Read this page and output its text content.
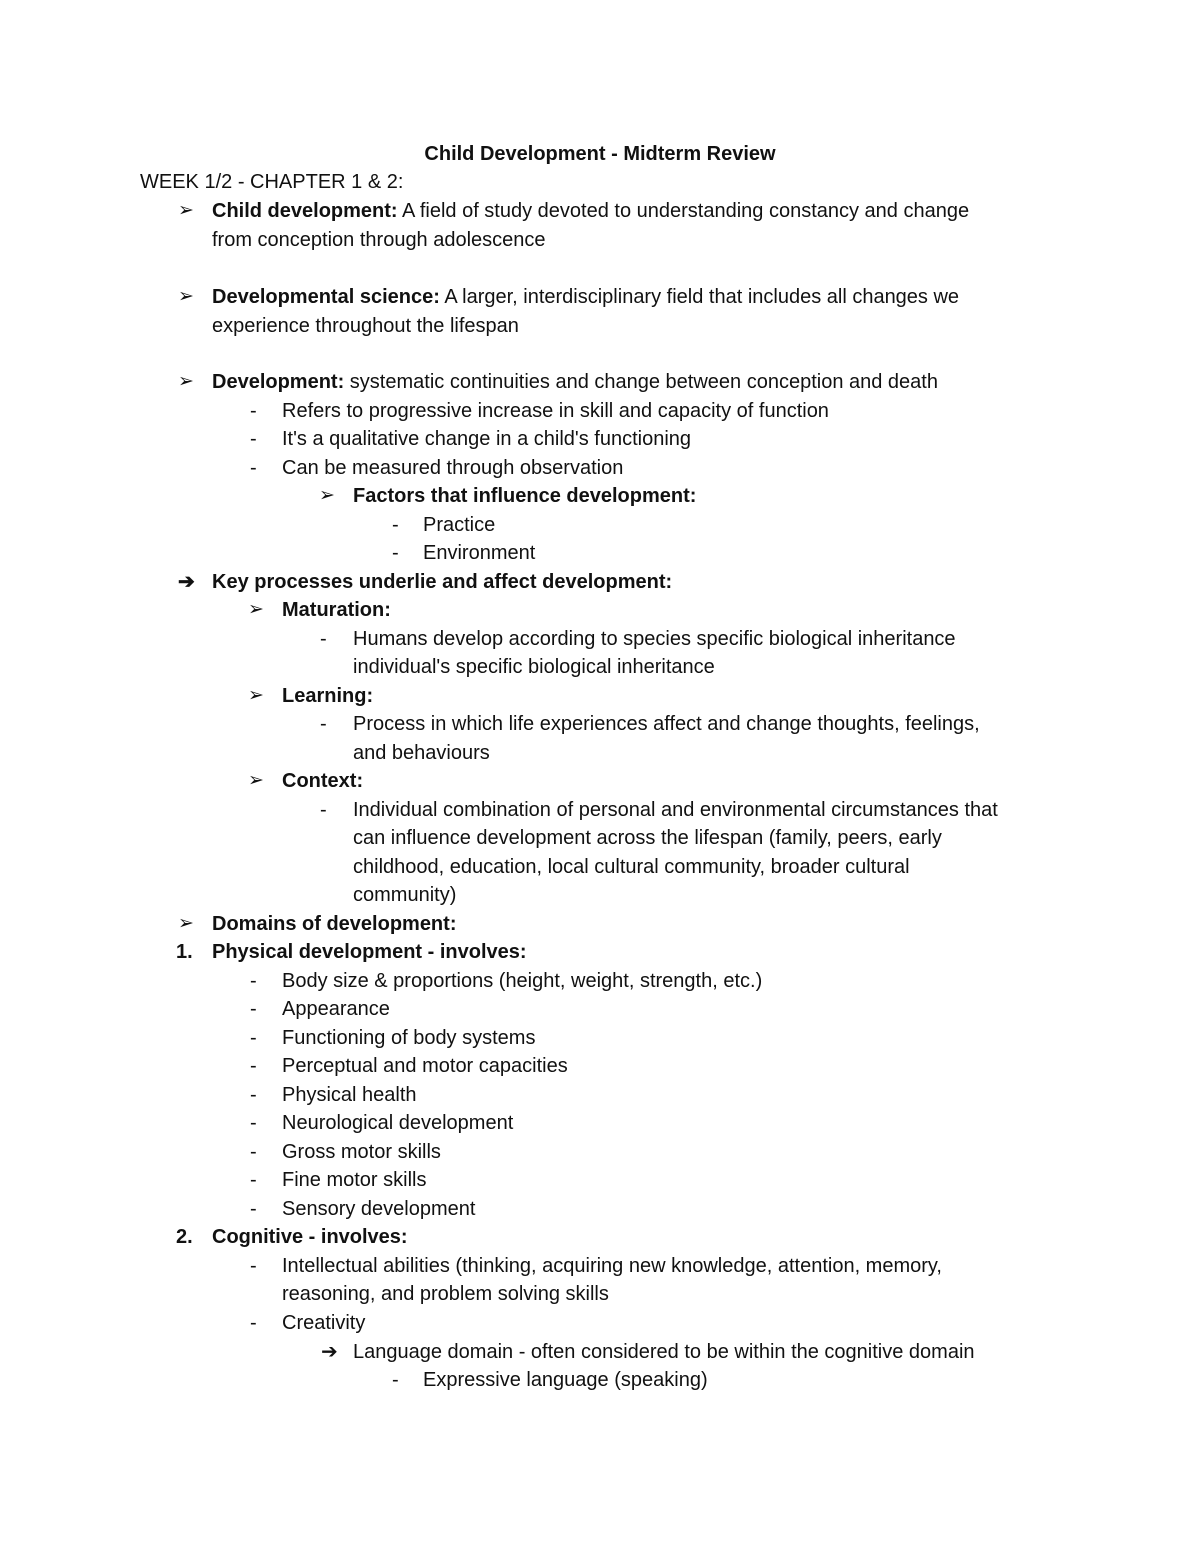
Child Development - Midterm Review
WEEK 1/2 - CHAPTER 1 & 2:
➢ Child development: A field of study devoted to understanding constancy and change
from conception through adolescence
➢ Developmental science: A larger, interdisciplinary field that includes all changes we
experience throughout the lifespan
➢ Development: systematic continuities and change between conception and death
- Refers to progressive increase in skill and capacity of function
- It's a qualitative change in a child's functioning
- Can be measured through observation
➢ Factors that influence development:
- Practice
- Environment
➔ Key processes underlie and affect development:
➢ Maturation:
- Humans develop according to species specific biological inheritance
individual's specific biological inheritance
➢ Learning:
- Process in which life experiences affect and change thoughts, feelings,
and behaviours
➢ Context:
- Individual combination of personal and environmental circumstances that
can influence development across the lifespan (family, peers, early
childhood, education, local cultural community, broader cultural
community)
➢ Domains of development:
1. Physical development - involves:
- Body size & proportions (height, weight, strength, etc.)
- Appearance
- Functioning of body systems
- Perceptual and motor capacities
- Physical health
- Neurological development
- Gross motor skills
- Fine motor skills
- Sensory development
2. Cognitive - involves:
- Intellectual abilities (thinking, acquiring new knowledge, attention, memory,
reasoning, and problem solving skills
- Creativity
➔ Language domain - often considered to be within the cognitive domain
- Expressive language (speaking)
